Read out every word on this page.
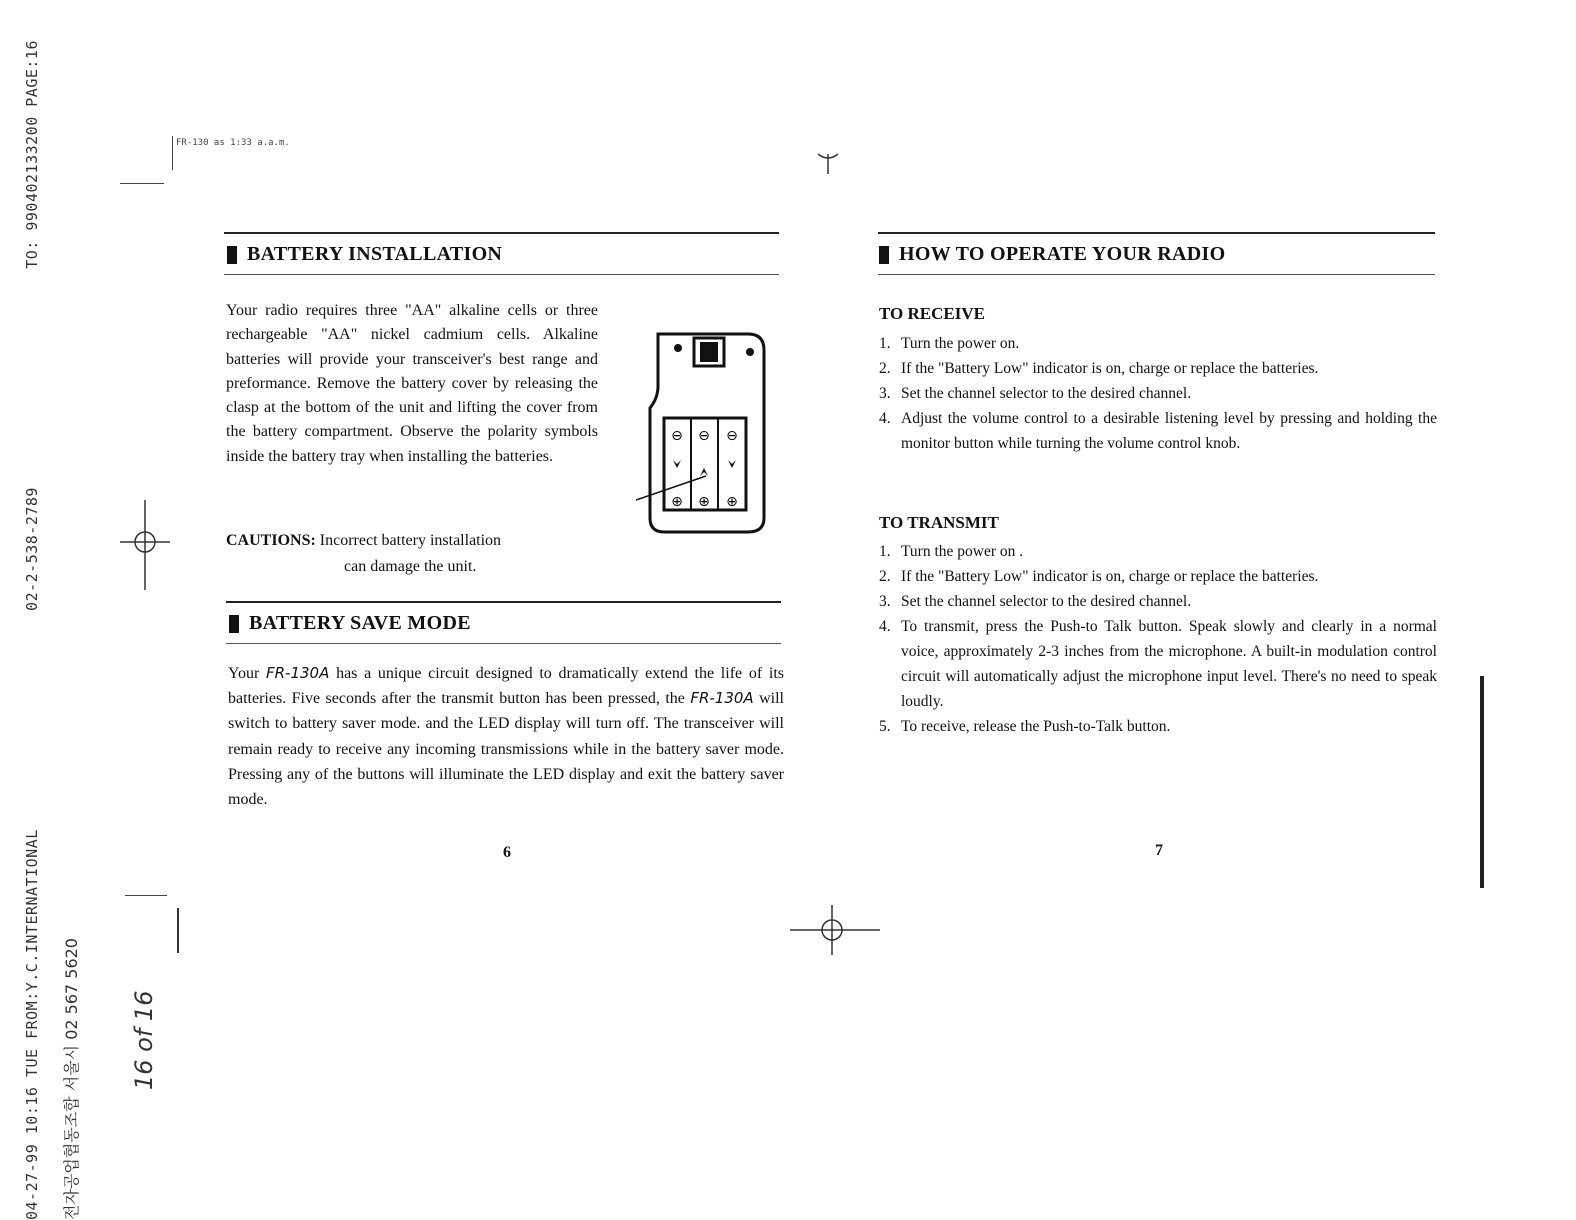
04-27-99 10:16 TUE FROM:Y.C.INTERNATIONAL
02-2-538-2789
TO: 990402133200 PAGE:16
전자공업협동조합 서울시 02 567 5620
FR-130 as 1:33 a.a.m.
16 of 16
BATTERY INSTALLATION
Your radio requires three "AA" alkaline cells or three rechargeable "AA" nickel cadmium cells. Alkaline batteries will provide your transceiver's best range and preformance. Remove the battery cover by releasing the clasp at the bottom of the unit and lifting the cover from the battery compartment. Observe the polarity symbols inside the battery tray when installing the batteries.
⊖ ⊖ ⊖
⊕ ⊕ ⊕
CAUTIONS: Incorrect battery installation
can damage the unit.
BATTERY SAVE MODE
Your FR-130A has a unique circuit designed to dramatically extend the life of its batteries. Five seconds after the transmit button has been pressed, the FR-130A will switch to battery saver mode. and the LED display will turn off. The transceiver will remain ready to receive any incoming transmissions while in the battery saver mode. Pressing any of the buttons will illuminate the LED display and exit the battery saver mode.
6
HOW TO OPERATE YOUR RADIO
TO RECEIVE
1. Turn the power on.
2. If the "Battery Low" indicator is on, charge or replace the batteries.
3. Set the channel selector to the desired channel.
4. Adjust the volume control to a desirable listening level by pressing and holding the monitor button while turning the volume control knob.
TO TRANSMIT
1. Turn the power on .
2. If the "Battery Low" indicator is on, charge or replace the batteries.
3. Set the channel selector to the desired channel.
4. To transmit, press the Push-to Talk button. Speak slowly and clearly in a normal voice, approximately 2-3 inches from the microphone. A built-in modulation control circuit will automatically adjust the microphone input level. There's no need to speak loudly.
5. To receive, release the Push-to-Talk button.
7
